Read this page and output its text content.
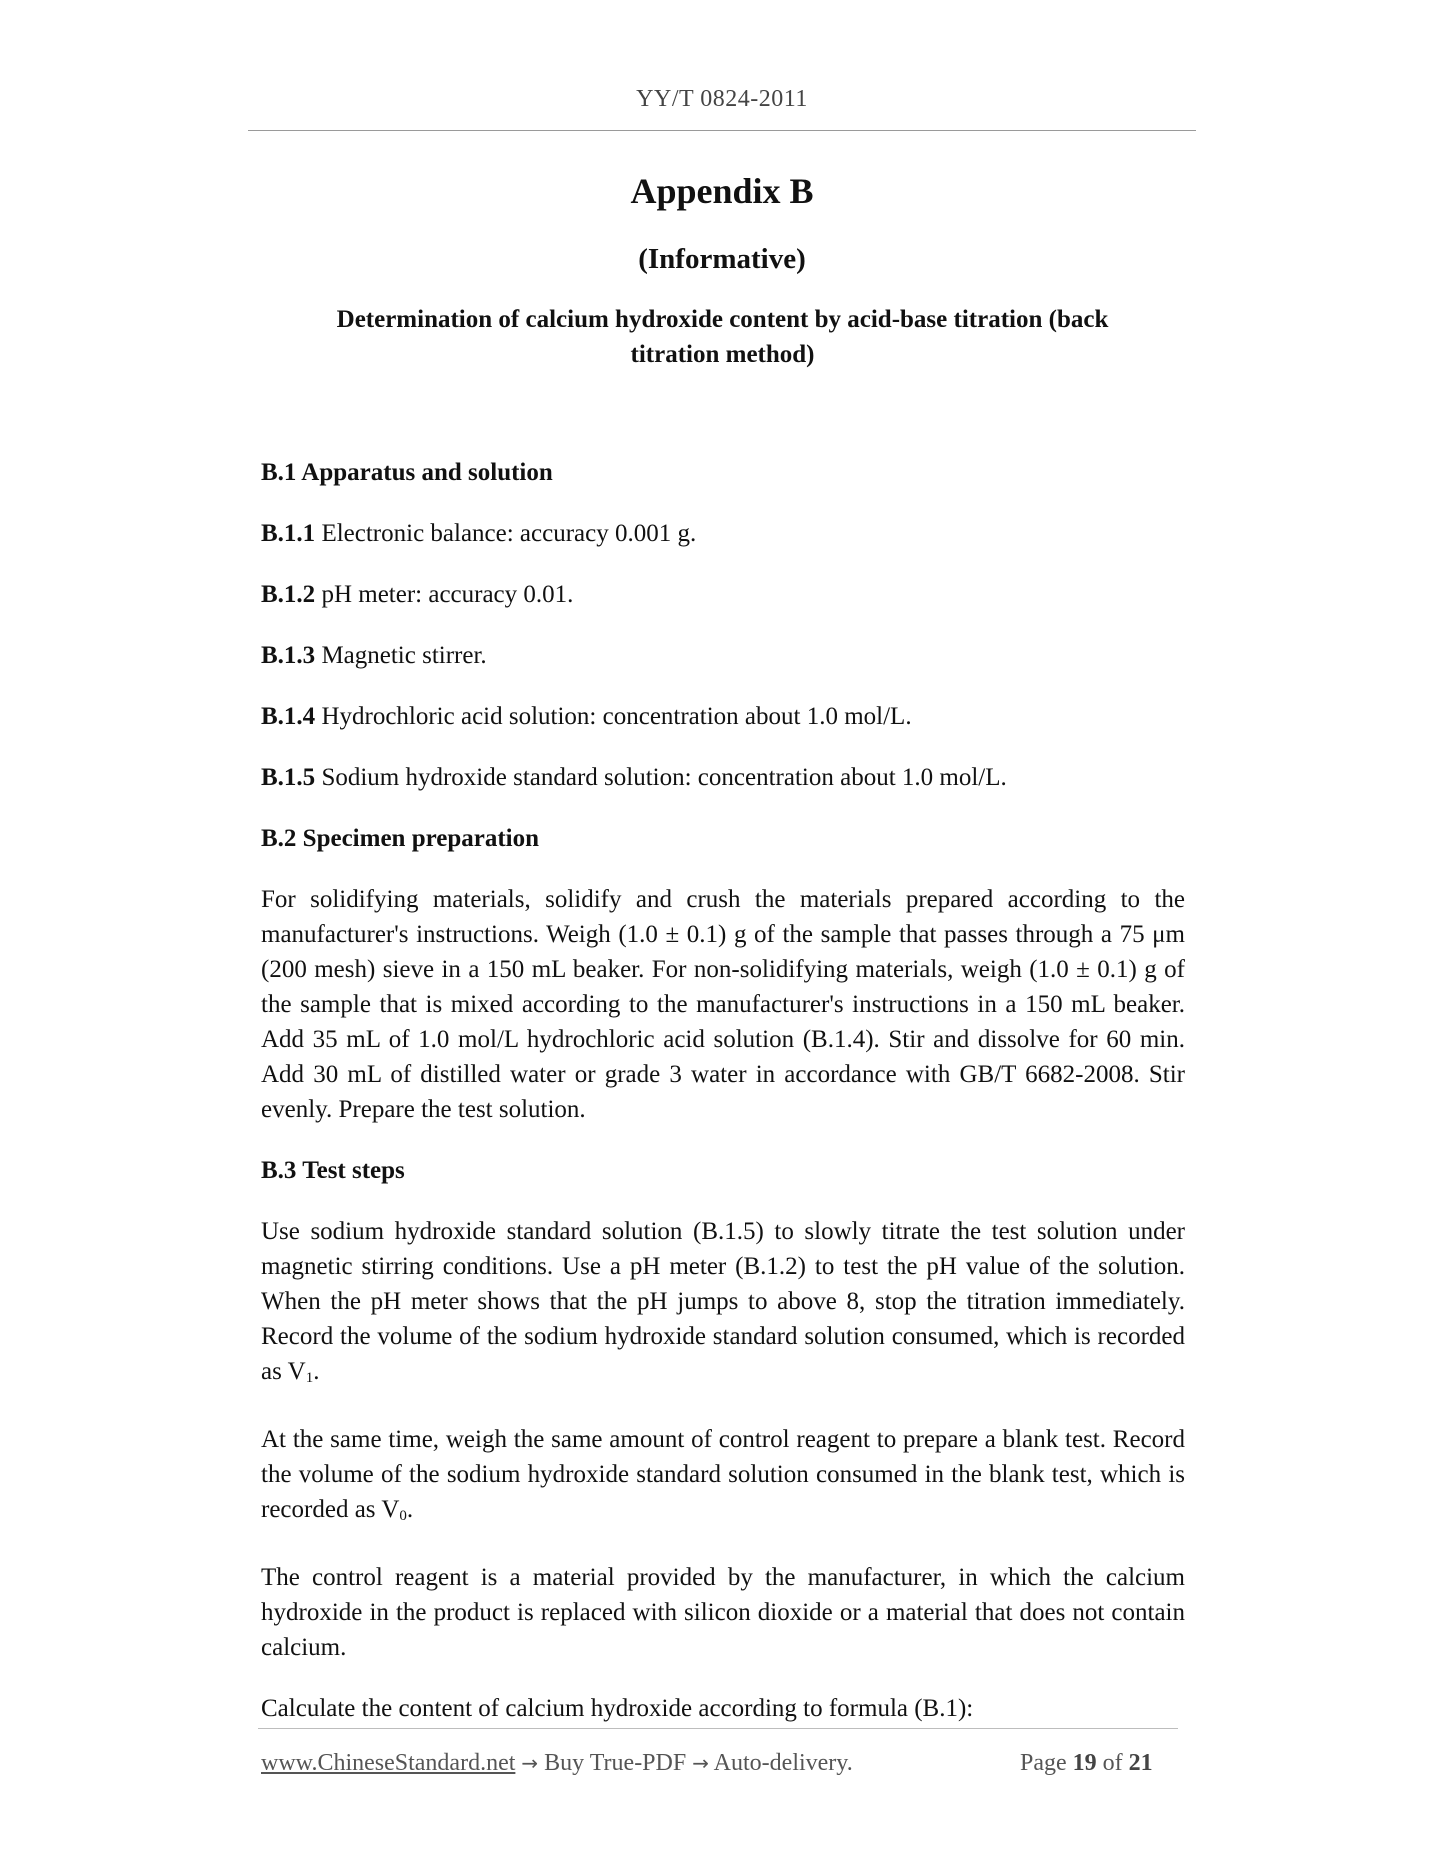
YY/T 0824-2011
Appendix B
(Informative)
Determination of calcium hydroxide content by acid-base titration (back titration method)

B.1 Apparatus and solution

B.1.1 Electronic balance: accuracy 0.001 g.

B.1.2 pH meter: accuracy 0.01.

B.1.3 Magnetic stirrer.

B.1.4 Hydrochloric acid solution: concentration about 1.0 mol/L.

B.1.5 Sodium hydroxide standard solution: concentration about 1.0 mol/L.

B.2 Specimen preparation

For solidifying materials, solidify and crush the materials prepared according to the manufacturer's instructions. Weigh (1.0 ± 0.1) g of the sample that passes through a 75 μm (200 mesh) sieve in a 150 mL beaker. For non-solidifying materials, weigh (1.0 ± 0.1) g of the sample that is mixed according to the manufacturer's instructions in a 150 mL beaker. Add 35 mL of 1.0 mol/L hydrochloric acid solution (B.1.4). Stir and dissolve for 60 min. Add 30 mL of distilled water or grade 3 water in accordance with GB/T 6682-2008. Stir evenly. Prepare the test solution.

B.3 Test steps

Use sodium hydroxide standard solution (B.1.5) to slowly titrate the test solution under magnetic stirring conditions. Use a pH meter (B.1.2) to test the pH value of the solution. When the pH meter shows that the pH jumps to above 8, stop the titration immediately. Record the volume of the sodium hydroxide standard solution consumed, which is recorded as $V_1$.

At the same time, weigh the same amount of control reagent to prepare a blank test. Record the volume of the sodium hydroxide standard solution consumed in the blank test, which is recorded as $V_0$.

The control reagent is a material provided by the manufacturer, in which the calcium hydroxide in the product is replaced with silicon dioxide or a material that does not contain calcium.

Calculate the content of calcium hydroxide according to formula (B.1):

www.ChineseStandard.net → Buy True-PDF → Auto-delivery.	Page 19 of 21
